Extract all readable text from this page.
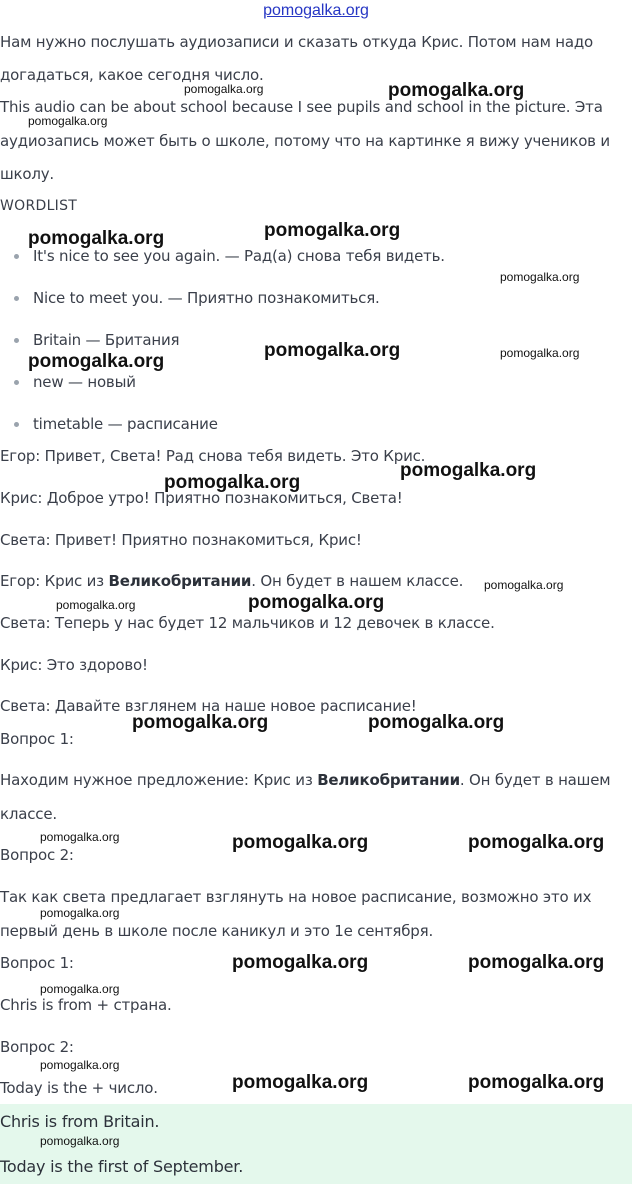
pomogalka.org
Нам нужно послушать аудиозаписи и сказать откуда Крис. Потом нам надо
догадаться, какое сегодня число.
This audio can be about school because I see pupils and school in the picture. Эта
аудиозапись может быть о школе, потому что на картинке я вижу учеников и
школу.
WORDLIST
It's nice to see you again. — Рад(а) снова тебя видеть.
Nice to meet you. — Приятно познакомиться.
Britain — Британия
new — новый
timetable — расписание
Егор: Привет, Света! Рад снова тебя видеть. Это Крис.
Крис: Доброе утро! Приятно познакомиться, Света!
Света: Привет! Приятно познакомиться, Крис!
Егор: Крис из Великобритании. Он будет в нашем классе.
Света: Теперь у нас будет 12 мальчиков и 12 девочек в классе.
Крис: Это здорово!
Света: Давайте взглянем на наше новое расписание!
Вопрос 1:
Находим нужное предложение: Крис из Великобритании. Он будет в нашем
классе.
Вопрос 2:
Так как света предлагает взглянуть на новое расписание, возможно это их
первый день в школе после каникул и это 1е сентября.
Вопрос 1:
Chris is from + страна.
Вопрос 2:
Today is the + число.
Chris is from Britain.
Today is the first of September.
pomogalka.org	pomogalka.org
pomogalka.org
pomogalka.org
pomogalka.org
pomogalka.org
pomogalka.org	pomogalka.org
pomogalka.org
pomogalka.org
pomogalka.org
pomogalka.org
pomogalka.org
pomogalka.org
pomogalka.org	pomogalka.org
pomogalka.org	pomogalka.org	pomogalka.org
pomogalka.org
pomogalka.org	pomogalka.org
pomogalka.org
pomogalka.org
pomogalka.org	pomogalka.org
pomogalka.org
